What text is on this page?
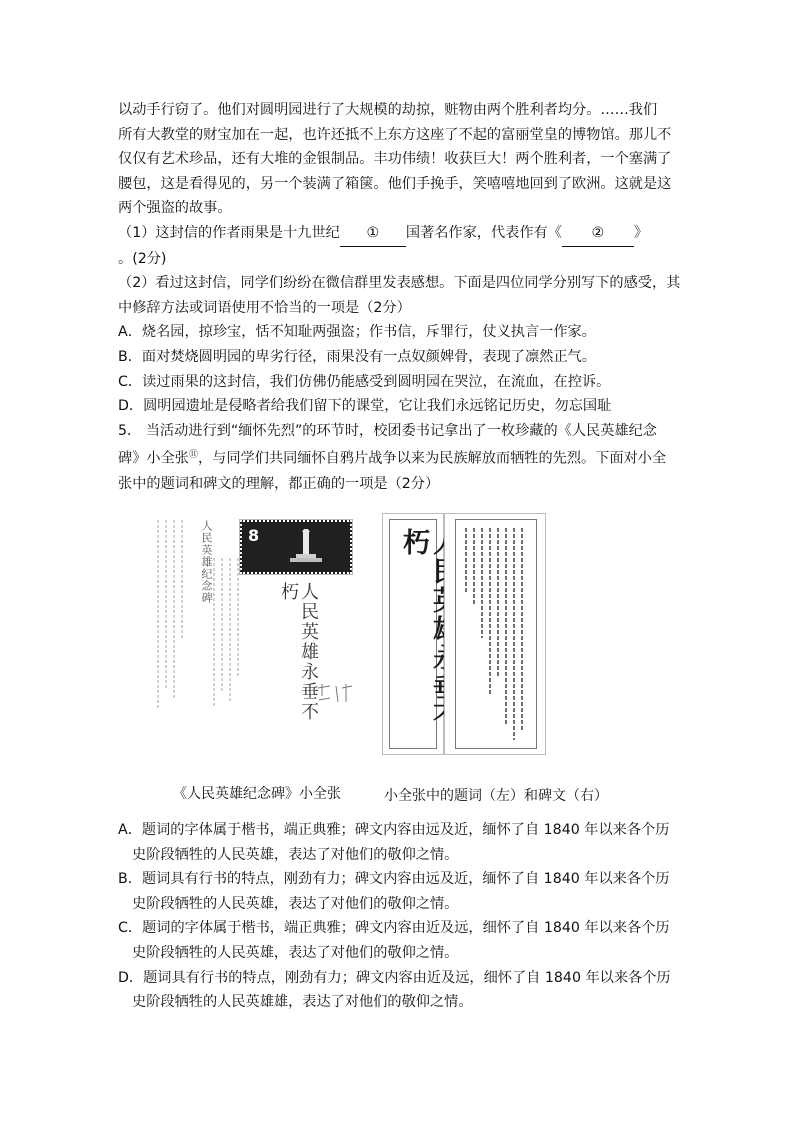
以动手行窃了。他们对圆明园进行了大规模的劫掠，赃物由两个胜利者均分。……我们

所有大教堂的财宝加在一起，也许还抵不上东方这座了不起的富丽堂皇的博物馆。那儿不

仅仅有艺术珍品，还有大堆的金银制品。丰功伟绩！收获巨大！两个胜利者，一个塞满了

腰包，这是看得见的，另一个装满了箱箧。他们手挽手，笑嘻嘻地回到了欧洲。这就是这

两个强盗的故事。

（1）这封信的作者雨果是十九世纪 ① 国著名作家，代表作有《 ② 》

。(2分)

（2）看过这封信，同学们纷纷在微信群里发表感想。下面是四位同学分别写下的感受，其

中修辞方法或词语使用不恰当的一项是（2分）

A．烧名园，掠珍宝，恬不知耻两强盗；作书信，斥罪行，仗义执言一作家。

B．面对焚烧圆明园的卑劣行径，雨果没有一点奴颜婢骨，表现了凛然正气。

C．读过雨果的这封信，我们仿佛仍能感受到圆明园在哭泣，在流血，在控诉。

D．圆明园遗址是侵略者给我们留下的课堂，它让我们永远铭记历史，勿忘国耻

5． 当活动进行到“缅怀先烈”的环节时，校团委书记拿出了一枚珍藏的《人民英雄纪念

碑》小全张⑪，与同学们共同缅怀自鸦片战争以来为民族解放而牺牲的先烈。下面对小全

张中的题词和碑文的理解，都正确的一项是（2分）

人民英雄纪念碑
人民英雄永垂不朽
8	朽
《人民英雄纪念碑》小全张	小全张中的题词（左）和碑文（右）

A．题词的字体属于楷书，端正典雅；碑文内容由远及近，缅怀了自 1840 年以来各个历

史阶段牺牲的人民英雄，表达了对他们的敬仰之情。

B．题词具有行书的特点，刚劲有力；碑文内容由远及近，缅怀了自 1840 年以来各个历

史阶段牺牲的人民英雄，表达了对他们的敬仰之情。

C．题词的字体属于楷书，端正典雅；碑文内容由近及远，细怀了自 1840 年以来各个历

史阶段牺牲的人民英雄，表达了对他们的敬仰之情。

D．题词具有行书的特点，刚劲有力；碑文内容由近及远，细怀了自 1840 年以来各个历

史阶段牺牲的人民英雄雄，表达了对他们的敬仰之情。
